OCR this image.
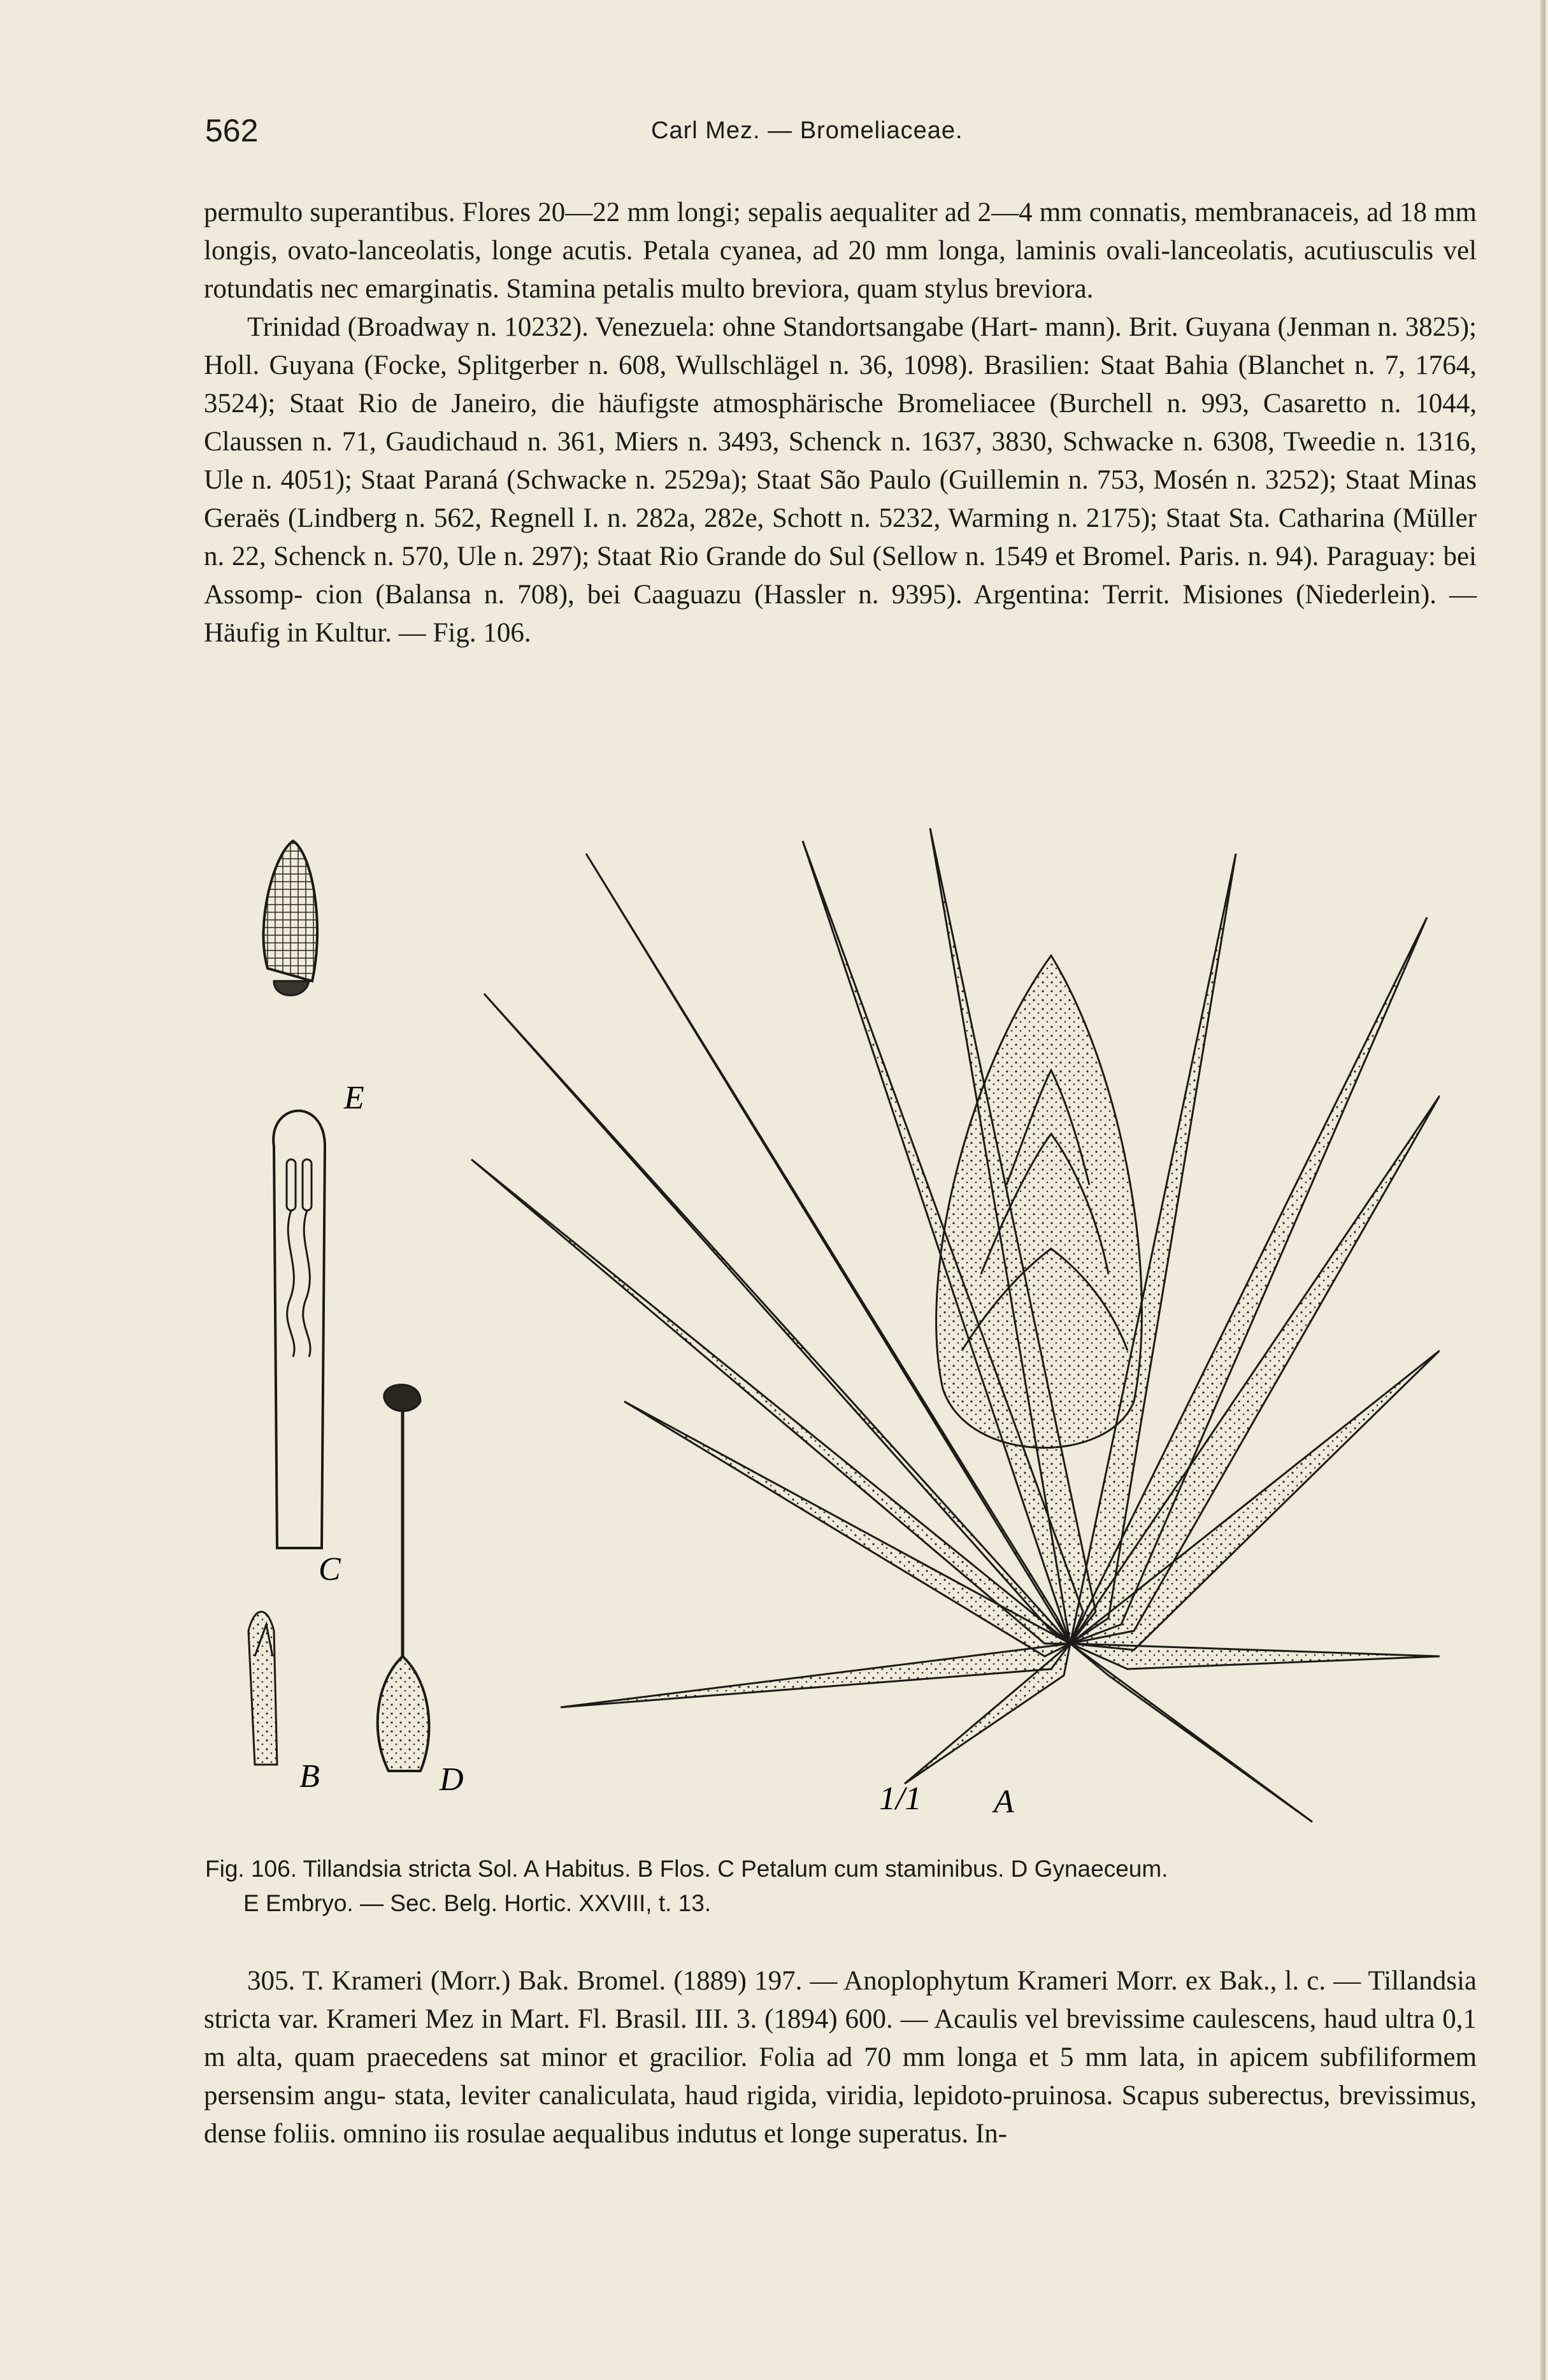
562	Carl Mez. — Bromeliaceae.

permulto superantibus. Flores 20—22 mm longi; sepalis aequaliter ad 2—4 mm connatis, membranaceis, ad 18 mm longis, ovato-lanceolatis, longe acutis. Petala cyanea, ad 20 mm longa, laminis ovali-lanceolatis, acutiusculis vel rotundatis nec emarginatis. Stamina petalis multo breviora, quam stylus breviora.

Trinidad (Broadway n. 10232). Venezuela: ohne Standortsangabe (Hart- mann). Brit. Guyana (Jenman n. 3825); Holl. Guyana (Focke, Splitgerber n. 608, Wullschlägel n. 36, 1098). Brasilien: Staat Bahia (Blanchet n. 7, 1764, 3524); Staat Rio de Janeiro, die häufigste atmosphärische Bromeliacee (Burchell n. 993, Casaretto n. 1044, Claussen n. 71, Gaudichaud n. 361, Miers n. 3493, Schenck n. 1637, 3830, Schwacke n. 6308, Tweedie n. 1316, Ule n. 4051); Staat Paraná (Schwacke n. 2529a); Staat São Paulo (Guillemin n. 753, Mosén n. 3252); Staat Minas Geraës (Lindberg n. 562, Regnell I. n. 282a, 282e, Schott n. 5232, Warming n. 2175); Staat Sta. Catharina (Müller n. 22, Schenck n. 570, Ule n. 297); Staat Rio Grande do Sul (Sellow n. 1549 et Bromel. Paris. n. 94). Paraguay: bei Assomp- cion (Balansa n. 708), bei Caaguazu (Hassler n. 9395). Argentina: Territ. Misiones (Niederlein). — Häufig in Kultur. — Fig. 106.

E
C
D
B
1/1 A
Fig. 106. Tillandsia stricta Sol. A Habitus. B Flos. C Petalum cum staminibus. D Gynaeceum.
E Embryo. — Sec. Belg. Hortic. XXVIII, t. 13.

305. T. Krameri (Morr.) Bak. Bromel. (1889) 197. — Anoplophytum Krameri Morr. ex Bak., l. c. — Tillandsia stricta var. Krameri Mez in Mart. Fl. Brasil. III. 3. (1894) 600. — Acaulis vel brevissime caulescens, haud ultra 0,1 m alta, quam praecedens sat minor et gracilior. Folia ad 70 mm longa et 5 mm lata, in apicem subfiliformem persensim angu- stata, leviter canaliculata, haud rigida, viridia, lepidoto-pruinosa. Scapus suberectus, brevissimus, dense foliis. omnino iis rosulae aequalibus indutus et longe superatus. In-
